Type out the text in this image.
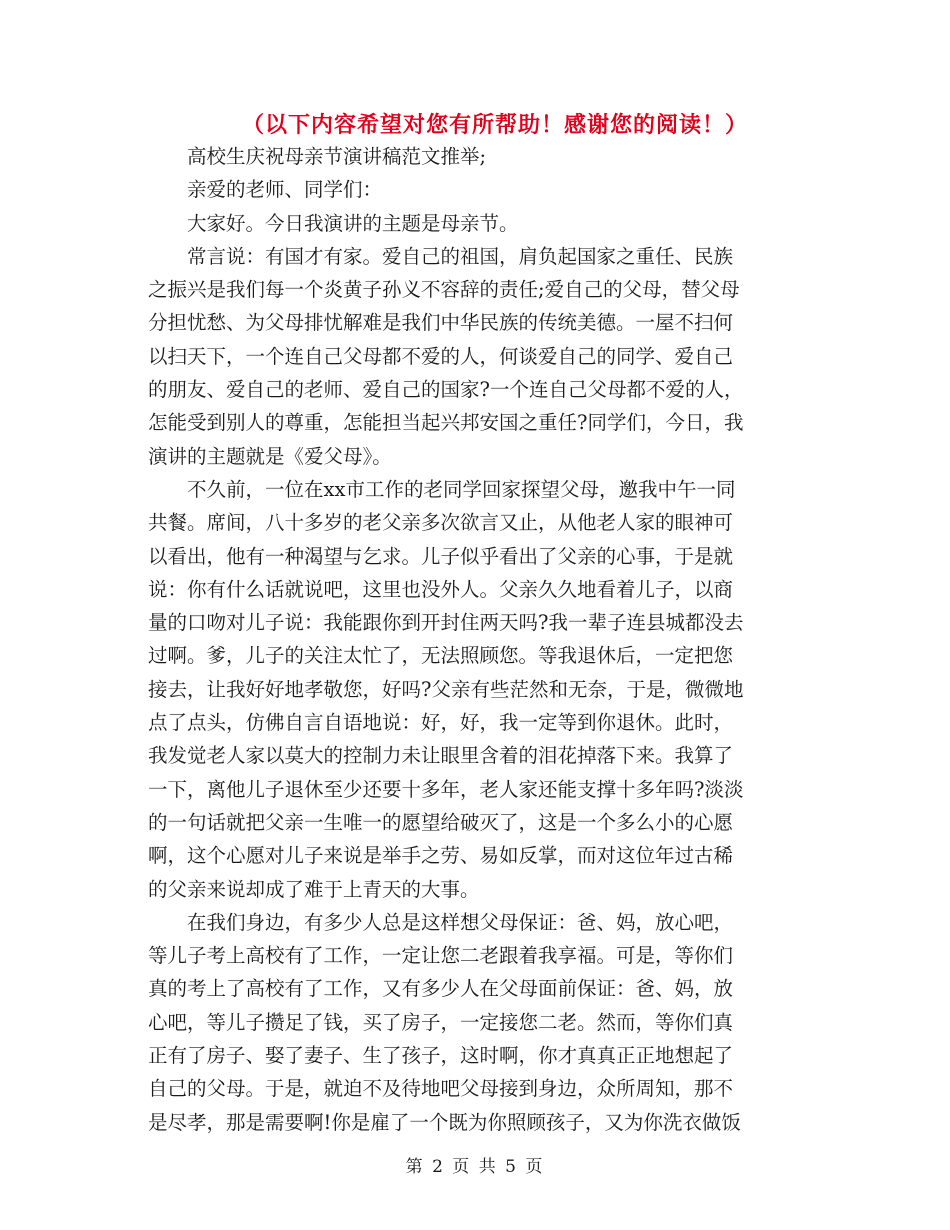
（以下内容希望对您有所帮助！感谢您的阅读！）
高校生庆祝母亲节演讲稿范文推举;
亲爱的老师、同学们：
大家好。今日我演讲的主题是母亲节。
常言说：有国才有家。爱自己的祖国，肩负起国家之重任、民族
之振兴是我们每一个炎黄子孙义不容辞的责任;爱自己的父母，替父母
分担忧愁、为父母排忧解难是我们中华民族的传统美德。一屋不扫何
以扫天下，一个连自己父母都不爱的人，何谈爱自己的同学、爱自己
的朋友、爱自己的老师、爱自己的国家?一个连自己父母都不爱的人，
怎能受到别人的尊重，怎能担当起兴邦安国之重任?同学们，今日，我
演讲的主题就是《爱父母》。
不久前，一位在xx市工作的老同学回家探望父母，邀我中午一同
共餐。席间，八十多岁的老父亲多次欲言又止，从他老人家的眼神可
以看出，他有一种渴望与乞求。儿子似乎看出了父亲的心事，于是就
说：你有什么话就说吧，这里也没外人。父亲久久地看着儿子，以商
量的口吻对儿子说：我能跟你到开封住两天吗?我一辈子连县城都没去
过啊。爹，儿子的关注太忙了，无法照顾您。等我退休后，一定把您
接去，让我好好地孝敬您，好吗?父亲有些茫然和无奈，于是，微微地
点了点头，仿佛自言自语地说：好，好，我一定等到你退休。此时，
我发觉老人家以莫大的控制力未让眼里含着的泪花掉落下来。我算了
一下，离他儿子退休至少还要十多年，老人家还能支撑十多年吗?淡淡
的一句话就把父亲一生唯一的愿望给破灭了，这是一个多么小的心愿
啊，这个心愿对儿子来说是举手之劳、易如反掌，而对这位年过古稀
的父亲来说却成了难于上青天的大事。
在我们身边，有多少人总是这样想父母保证：爸、妈，放心吧，
等儿子考上高校有了工作，一定让您二老跟着我享福。可是，等你们
真的考上了高校有了工作，又有多少人在父母面前保证：爸、妈，放
心吧，等儿子攒足了钱，买了房子，一定接您二老。然而，等你们真
正有了房子、娶了妻子、生了孩子，这时啊，你才真真正正地想起了
自己的父母。于是，就迫不及待地吧父母接到身边，众所周知，那不
是尽孝，那是需要啊!你是雇了一个既为你照顾孩子，又为你洗衣做饭
第 2 页 共 5 页
